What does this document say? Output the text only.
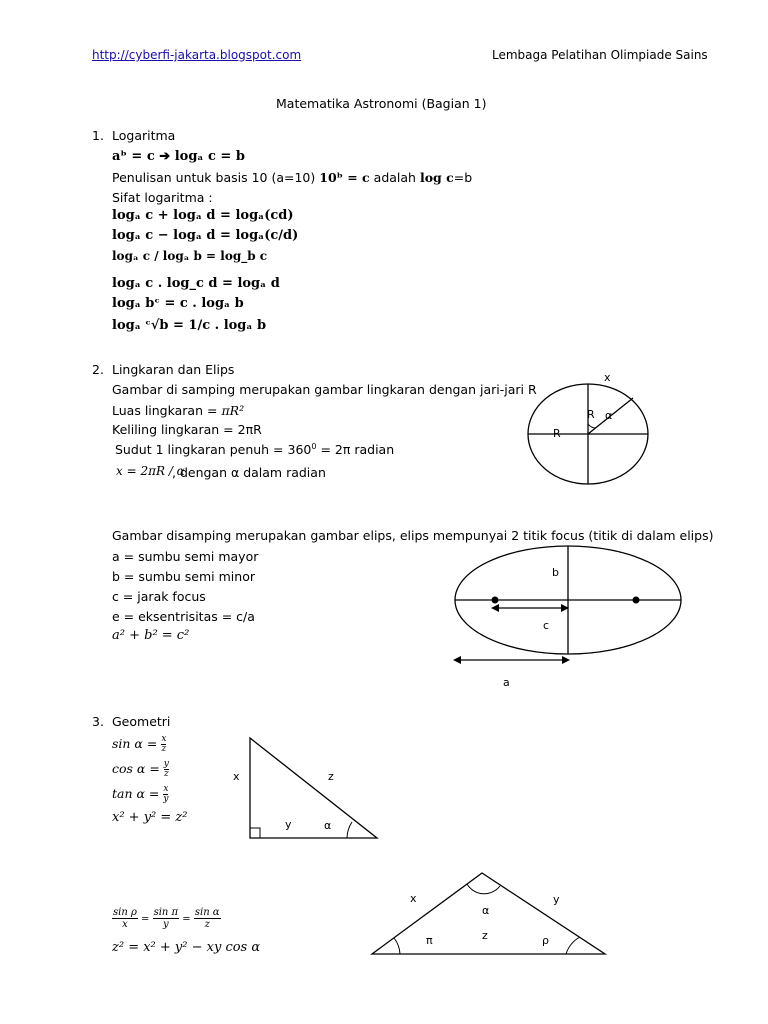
http://cyberfi-jakarta.blogspot.com	Lembaga Pelatihan Olimpiade Sains
Matematika Astronomi (Bagian 1)
1. Logaritma
aᵇ = c ➔ logₐ c = b
Penulisan untuk basis 10 (a=10) 10ᵇ = c adalah log c=b
Sifat logaritma :
logₐ c + logₐ d = logₐ(cd)
logₐ c − logₐ d = logₐ(c/d)
logₐ c / logₐ b = log_b c
logₐ c . log_c d = logₐ d
logₐ bᶜ = c . logₐ b
logₐ ᶜ√b = 1/c . logₐ b
2. Lingkaran dan Elips
Gambar di samping merupakan gambar lingkaran dengan jari-jari R
Luas lingkaran = πR²
Keliling lingkaran = 2πR
Sudut 1 lingkaran penuh = $360^0 = 2\pi$ radian
x = 2πR / α
, dengan α dalam radian
Gambar disamping merupakan gambar elips, elips mempunyai 2 titik focus (titik di dalam elips)
a = sumbu semi mayor
b = sumbu semi minor
c = jarak focus
e = eksentrisitas = c/a
a² + b² = c²
3. Geometri
$\sin \alpha = \frac{x}{z}$
$\cos \alpha = \frac{y}{z}$
$\tan \alpha = \frac{x}{y}$
x² + y² = z²
$\frac{\text{sin ρ}}{x} = \frac{\text{sin π}}{y} = \frac{\text{sin α}}{z}$
z² = x² + y² − xy cos α
x
R α
R
b
c
a
x	z
y	α
x	y
α
z
π	ρ
